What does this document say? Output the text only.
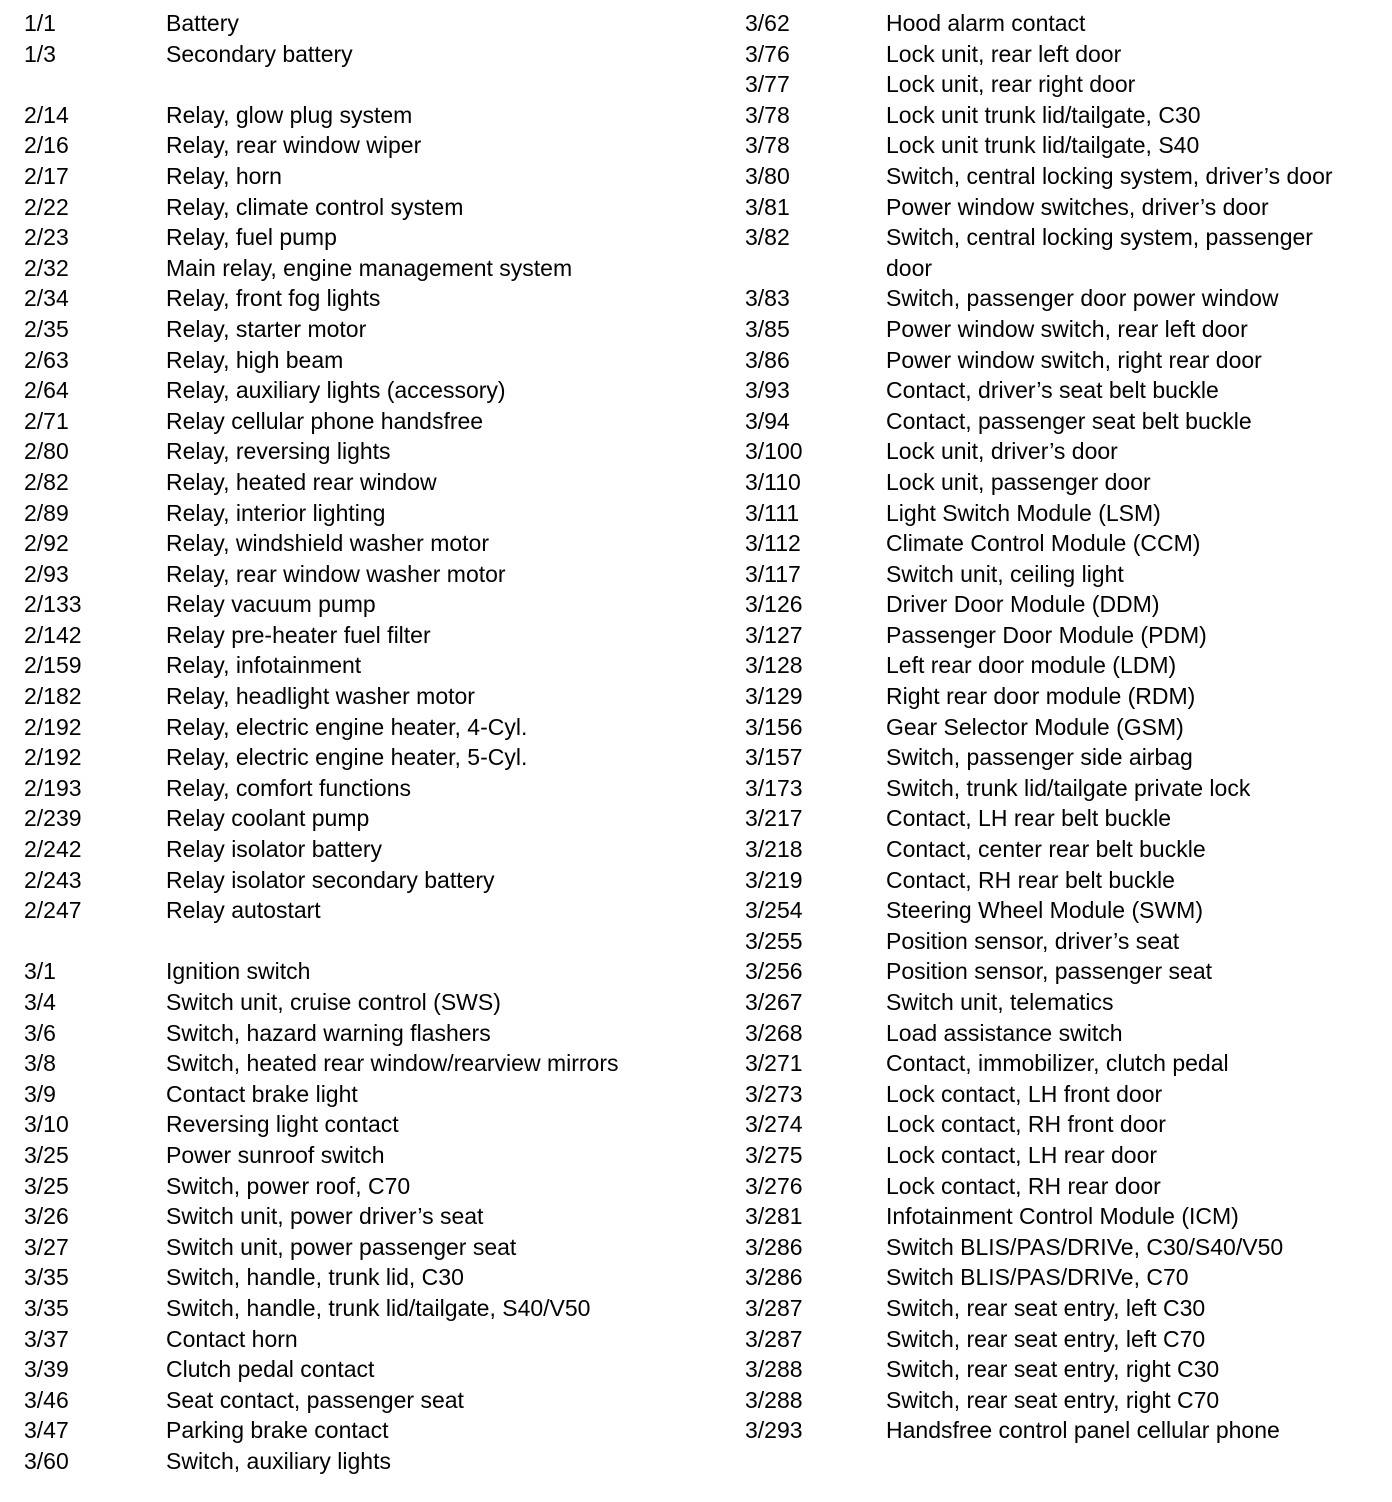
1/1	Battery
1/3	Secondary battery
2/14	Relay, glow plug system
2/16	Relay, rear window wiper
2/17	Relay, horn
2/22	Relay, climate control system
2/23	Relay, fuel pump
2/32	Main relay, engine management system
2/34	Relay, front fog lights
2/35	Relay, starter motor
2/63	Relay, high beam
2/64	Relay, auxiliary lights (accessory)
2/71	Relay cellular phone handsfree
2/80	Relay, reversing lights
2/82	Relay, heated rear window
2/89	Relay, interior lighting
2/92	Relay, windshield washer motor
2/93	Relay, rear window washer motor
2/133	Relay vacuum pump
2/142	Relay pre-heater fuel filter
2/159	Relay, infotainment
2/182	Relay, headlight washer motor
2/192	Relay, electric engine heater, 4-Cyl.
2/192	Relay, electric engine heater, 5-Cyl.
2/193	Relay, comfort functions
2/239	Relay coolant pump
2/242	Relay isolator battery
2/243	Relay isolator secondary battery
2/247	Relay autostart
3/1	Ignition switch
3/4	Switch unit, cruise control (SWS)
3/6	Switch, hazard warning flashers
3/8	Switch, heated rear window/rearview mirrors
3/9	Contact brake light
3/10	Reversing light contact
3/25	Power sunroof switch
3/25	Switch, power roof, C70
3/26	Switch unit, power driver’s seat
3/27	Switch unit, power passenger seat
3/35	Switch, handle, trunk lid, C30
3/35	Switch, handle, trunk lid/tailgate, S40/V50
3/37	Contact horn
3/39	Clutch pedal contact
3/46	Seat contact, passenger seat
3/47	Parking brake contact
3/60	Switch, auxiliary lights
3/62	Hood alarm contact
3/76	Lock unit, rear left door
3/77	Lock unit, rear right door
3/78	Lock unit trunk lid/tailgate, C30
3/78	Lock unit trunk lid/tailgate, S40
3/80	Switch, central locking system, driver’s door
3/81	Power window switches, driver’s door
3/82	Switch, central locking system, passenger
door
3/83	Switch, passenger door power window
3/85	Power window switch, rear left door
3/86	Power window switch, right rear door
3/93	Contact, driver’s seat belt buckle
3/94	Contact, passenger seat belt buckle
3/100	Lock unit, driver’s door
3/110	Lock unit, passenger door
3/111	Light Switch Module (LSM)
3/112	Climate Control Module (CCM)
3/117	Switch unit, ceiling light
3/126	Driver Door Module (DDM)
3/127	Passenger Door Module (PDM)
3/128	Left rear door module (LDM)
3/129	Right rear door module (RDM)
3/156	Gear Selector Module (GSM)
3/157	Switch, passenger side airbag
3/173	Switch, trunk lid/tailgate private lock
3/217	Contact, LH rear belt buckle
3/218	Contact, center rear belt buckle
3/219	Contact, RH rear belt buckle
3/254	Steering Wheel Module (SWM)
3/255	Position sensor, driver’s seat
3/256	Position sensor, passenger seat
3/267	Switch unit, telematics
3/268	Load assistance switch
3/271	Contact, immobilizer, clutch pedal
3/273	Lock contact, LH front door
3/274	Lock contact, RH front door
3/275	Lock contact, LH rear door
3/276	Lock contact, RH rear door
3/281	Infotainment Control Module (ICM)
3/286	Switch BLIS/PAS/DRIVe, C30/S40/V50
3/286	Switch BLIS/PAS/DRIVe, C70
3/287	Switch, rear seat entry, left C30
3/287	Switch, rear seat entry, left C70
3/288	Switch, rear seat entry, right C30
3/288	Switch, rear seat entry, right C70
3/293	Handsfree control panel cellular phone
